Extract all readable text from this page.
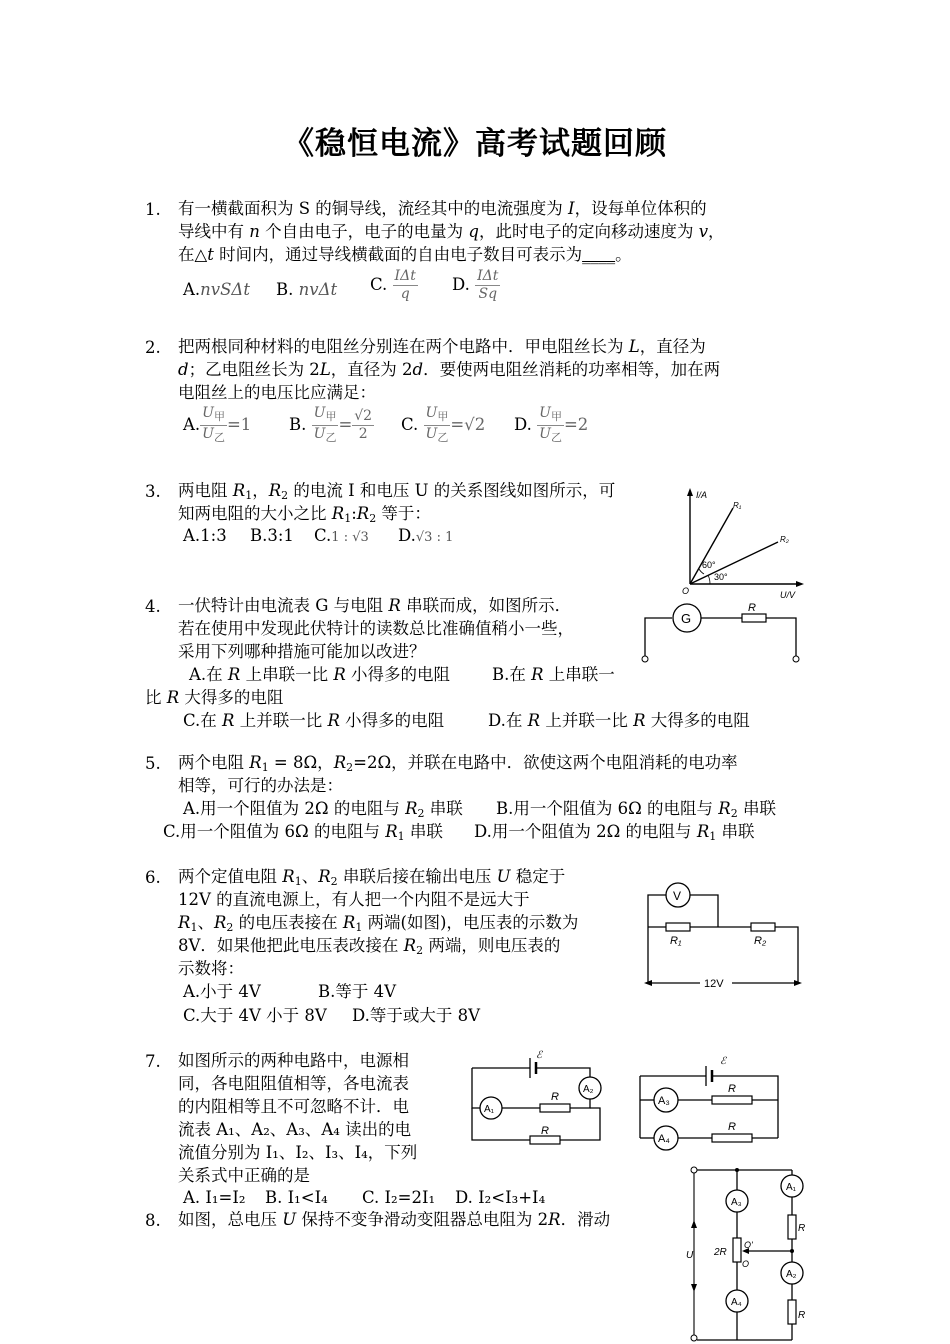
《稳恒电流》高考试题回顾
1. 有一横截面积为 S 的铜导线，流经其中的电流强度为 I，设每单位体积的
导线中有 n 个自由电子，电子的电量为 q，此时电子的定向移动速度为 v，
在△t 时间内，通过导线横截面的自由电子数目可表示为____。
A.nvSΔt B. nvΔt C. $\frac{\text{IΔt}}{q} D$. $\frac{\text{IΔt}}{Sq}$
2. 把两根同种材料的电阻丝分别连在两个电路中．甲电阻丝长为 L，直径为
d；乙电阻丝长为 2L，直径为 2d．要使两电阻丝消耗的功率相等，加在两
电阻丝上的电压比应满足：
A. $\frac{U_甲}{U_乙} =1$ B. $\frac{U_甲}{U_乙} = \frac{√2}{2} C$. $\frac{U_甲}{U_乙} =√2$ D. $\frac{U_甲}{U_乙} =2$
3. 两电阻 $R_1$，$R_2$ 的电流 I 和电压 U 的关系图线如图所示，可
知两电阻的大小之比 $R_1:R_2$ 等于：
A.1:3 B.3:1 C.1 : √3 D.√3 : 1
I/A
U/V
O
R₁
R₂
60°
30°
4. 一伏特计由电流表 G 与电阻 R 串联而成，如图所示．
若在使用中发现此伏特计的读数总比准确值稍小一些，
采用下列哪种措施可能加以改进？
A.在 R 上串联一比 R 小得多的电阻	B.在 R 上串联一
比 R 大得多的电阻
C.在 R 上并联一比 R 小得多的电阻	D.在 R 上并联一比 R 大得多的电阻
G
R
5. 两个电阻 $R_1 = 8\Omega$，$R_2=2\Omega$，并联在电路中．欲使这两个电阻消耗的电功率
相等，可行的办法是：
A.用一个阻值为 2Ω 的电阻与 $R_2$ 串联 B.用一个阻值为 6Ω 的电阻与 $R_2$ 串联
C.用一个阻值为 6Ω 的电阻与 $R_1$ 串联 D.用一个阻值为 2Ω 的电阻与 $R_1$ 串联
6. 两个定值电阻 $R_1$、$R_2$ 串联后接在输出电压 U 稳定于
12V 的直流电源上，有人把一个内阻不是远大于
$R_1$、$R_2$ 的电压表接在 $R_1$ 两端(如图)，电压表的示数为
8V．如果他把此电压表改接在 $R_2$ 两端，则电压表的
示数将：
A.小于 4V	B.等于 4V
C.大于 4V 小于 8V D.等于或大于 8V
V
R₁	R₂
12V
7. 如图所示的两种电路中，电源相
同，各电阻阻值相等，各电流表
的内阻相等且不可忽略不计．电
流表 A₁、A₂、A₃、A₄ 读出的电
流值分别为 I₁、I₂、I₃、I₄，下列
关系式中正确的是
A. I₁=I₂ B. I₁<I₄ C. I₂=2I₁ D. I₂<I₃+I₄
ℰ
A₂
A₁
R
R
ℰ
A₃
A₄
R
R
8. 如图，总电压 U 保持不变争滑动变阻器总电阻为 2R．滑动
A₃
A₄
A₁
A₂
2R
O
O'
R
R
U
